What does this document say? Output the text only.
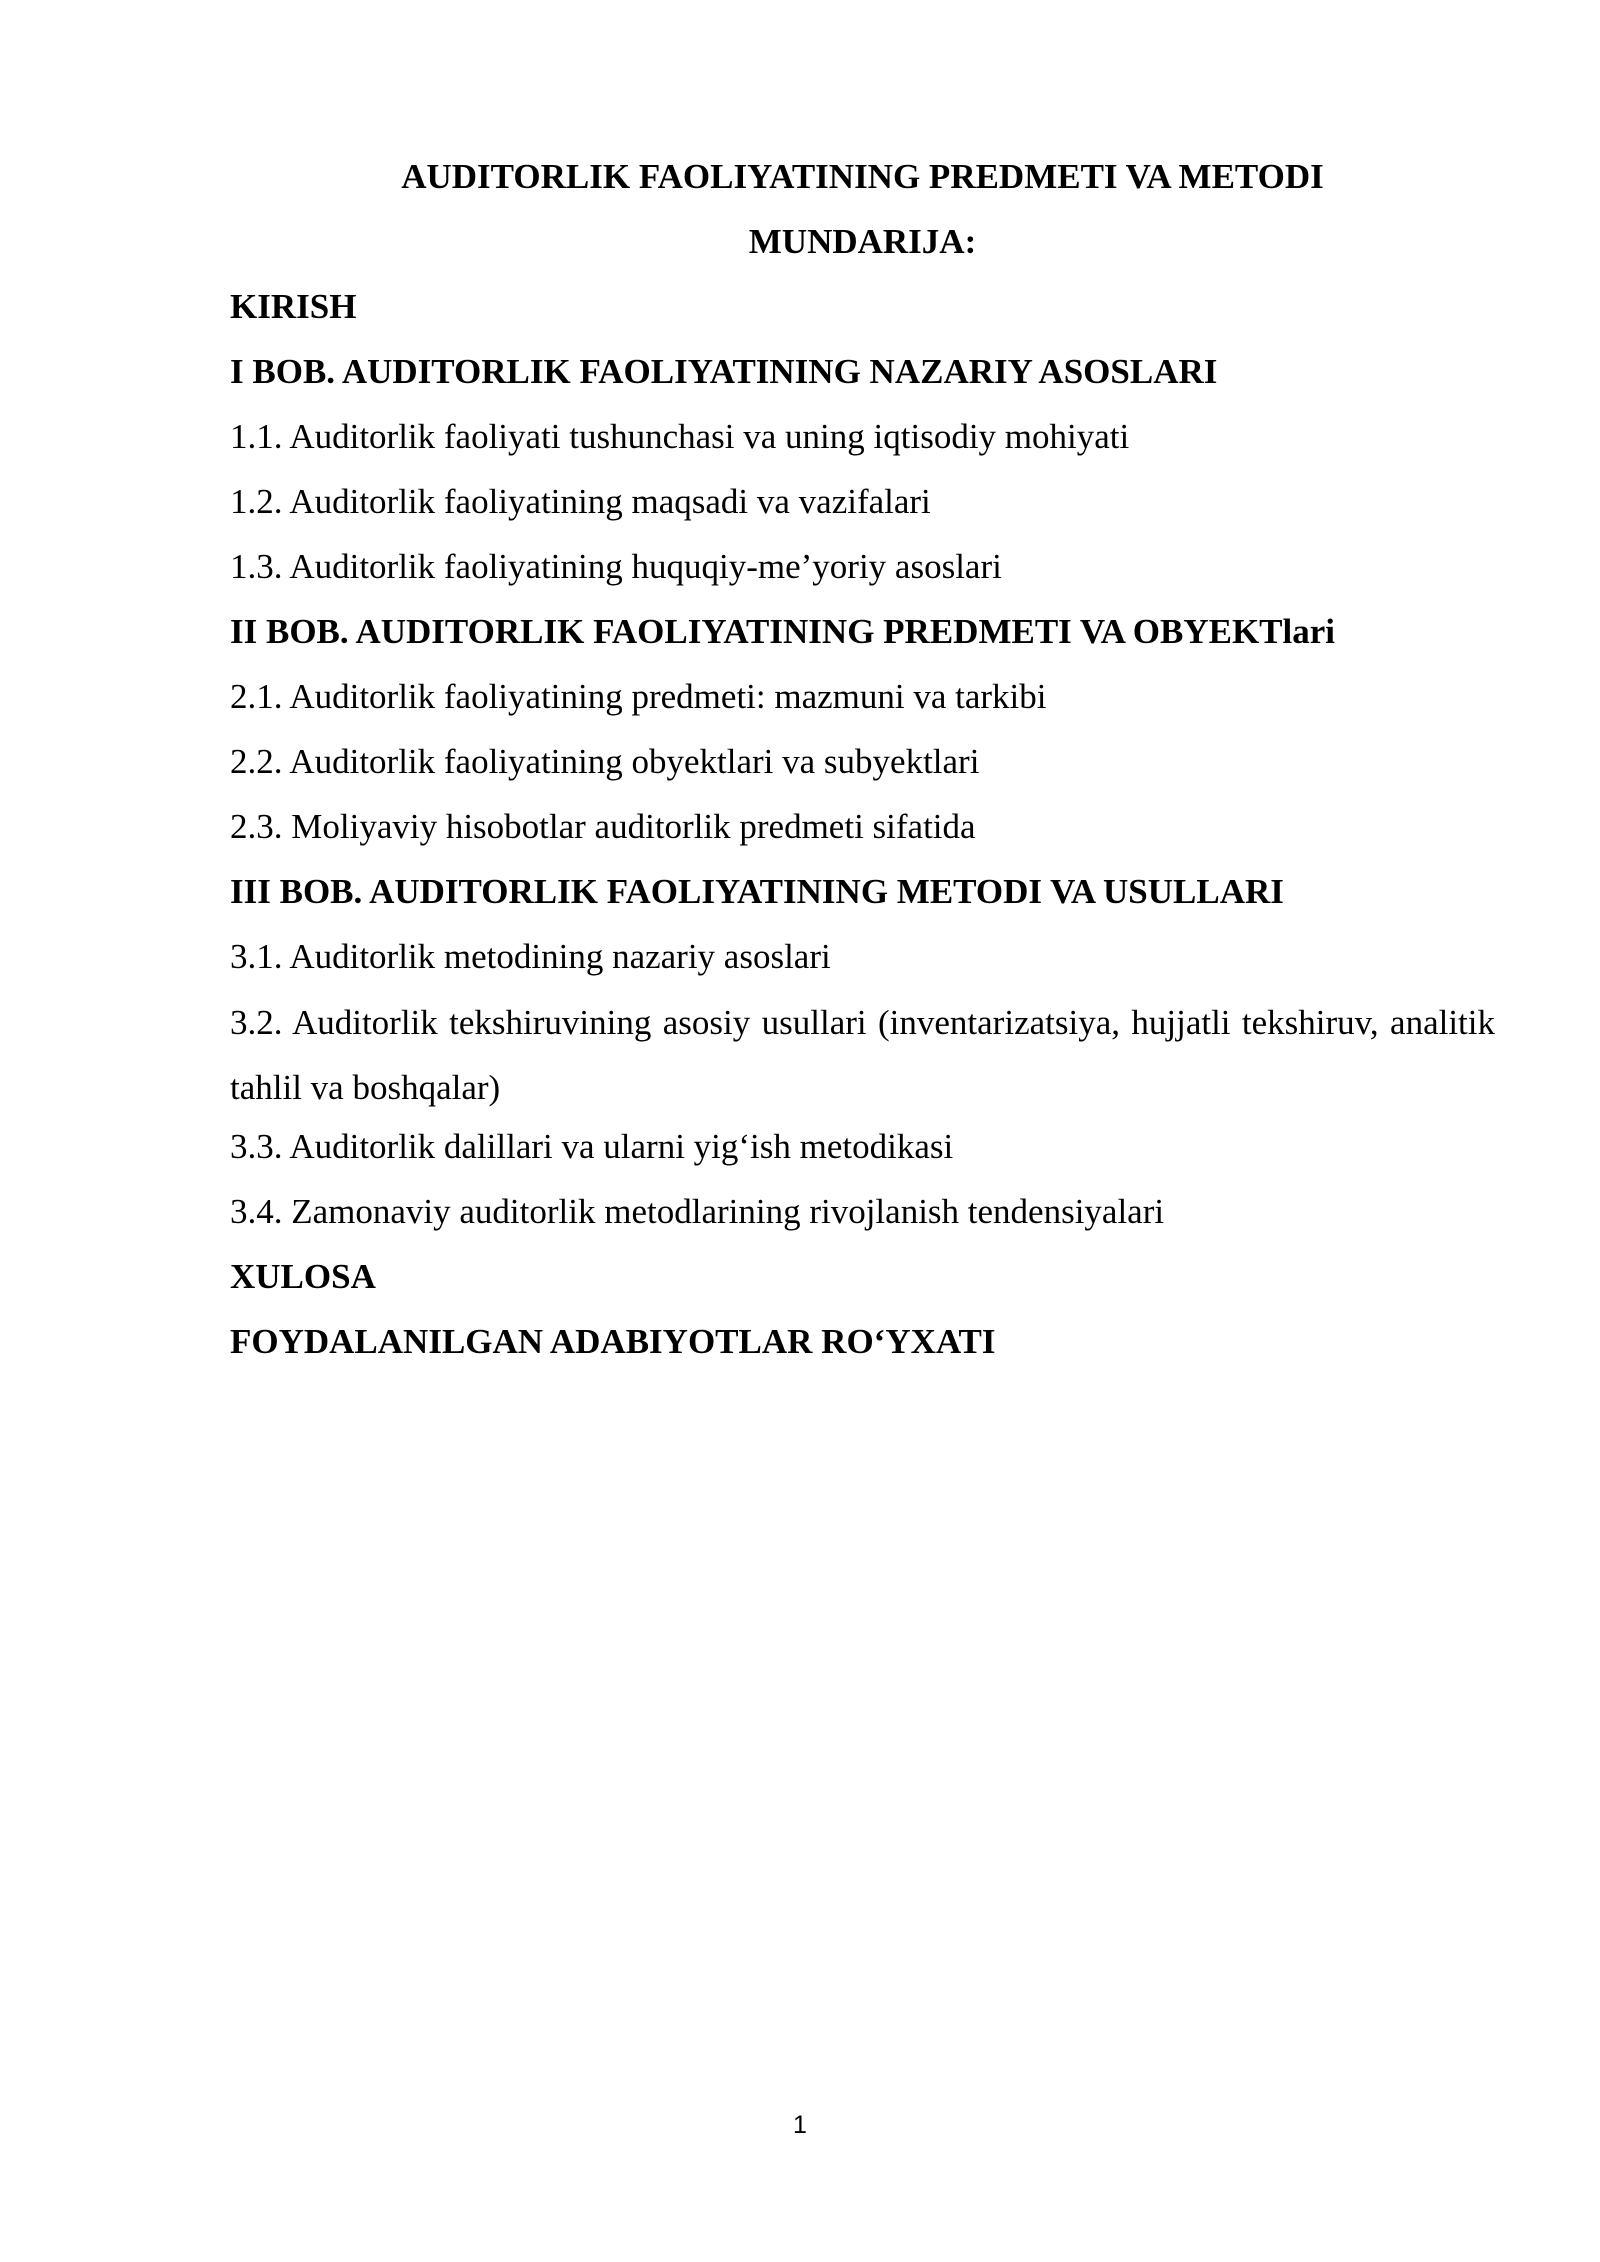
AUDITORLIK FAOLIYATINING PREDMETI VA METODI
MUNDARIJA:
KIRISH
I BOB. AUDITORLIK FAOLIYATINING NAZARIY ASOSLARI
1.1. Auditorlik faoliyati tushunchasi va uning iqtisodiy mohiyati
1.2. Auditorlik faoliyatining maqsadi va vazifalari
1.3. Auditorlik faoliyatining huquqiy-me’yoriy asoslari
II BOB. AUDITORLIK FAOLIYATINING PREDMETI VA OBYEKTlari
2.1. Auditorlik faoliyatining predmeti: mazmuni va tarkibi
2.2. Auditorlik faoliyatining obyektlari va subyektlari
2.3. Moliyaviy hisobotlar auditorlik predmeti sifatida
III BOB. AUDITORLIK FAOLIYATINING METODI VA USULLARI
3.1. Auditorlik metodining nazariy asoslari
3.2. Auditorlik tekshiruvining asosiy usullari (inventarizatsiya, hujjatli tekshiruv, analitik tahlil va boshqalar)
3.3. Auditorlik dalillari va ularni yig‘ish metodikasi
3.4. Zamonaviy auditorlik metodlarining rivojlanish tendensiyalari
XULOSA
FOYDALANILGAN ADABIYOTLAR RO‘YXATI
1
